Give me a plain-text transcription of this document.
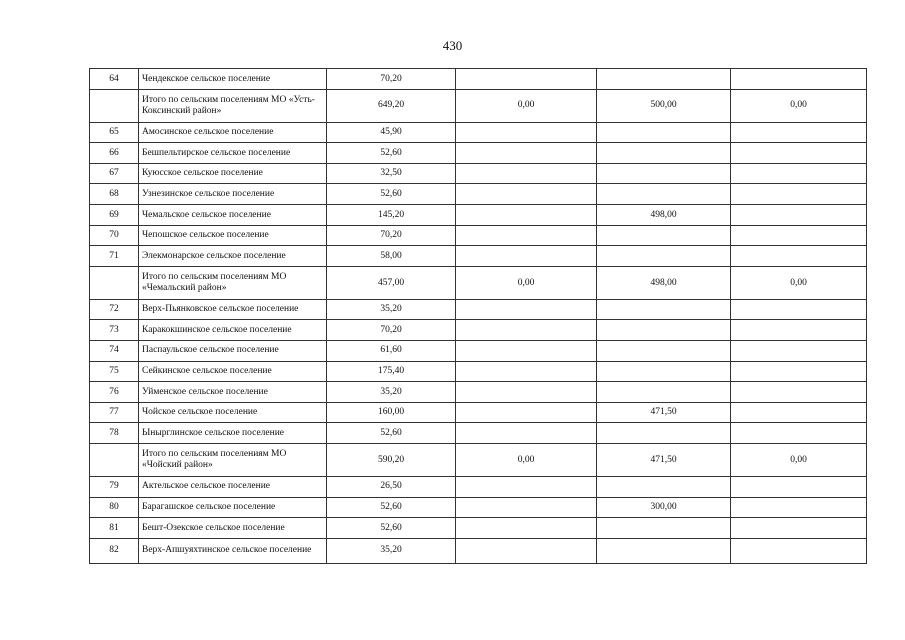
430
64	Чендекское сельское поселение	70,20			
	Итого по сельским поселениям МО «Усть-Коксинский район»	649,20	0,00	500,00	0,00
65	Амосинское сельское поселение	45,90			
66	Бешпельтирское сельское поселение	52,60			
67	Куюсское сельское поселение	32,50			
68	Узнезинское сельское поселение	52,60			
69	Чемальское сельское поселение	145,20		498,00	
70	Чепошское сельское поселение	70,20			
71	Элекмонарское сельское поселение	58,00			
	Итого по сельским поселениям МО «Чемальский район»	457,00	0,00	498,00	0,00
72	Верх-Пьянковское сельское поселение	35,20			
73	Каракокшинское сельское поселение	70,20			
74	Паспаульское сельское поселение	61,60			
75	Сейкинское сельское поселение	175,40			
76	Уйменское сельское поселение	35,20			
77	Чойское сельское поселение	160,00		471,50	
78	Ынырглинское сельское поселение	52,60			
	Итого по сельским поселениям МО «Чойский район»	590,20	0,00	471,50	0,00
79	Актельское сельское поселение	26,50			
80	Барагашское сельское поселение	52,60		300,00	
81	Бешт-Озекское сельское поселение	52,60			
82	Верх-Апшуяхтинское сельское поселение	35,20			
